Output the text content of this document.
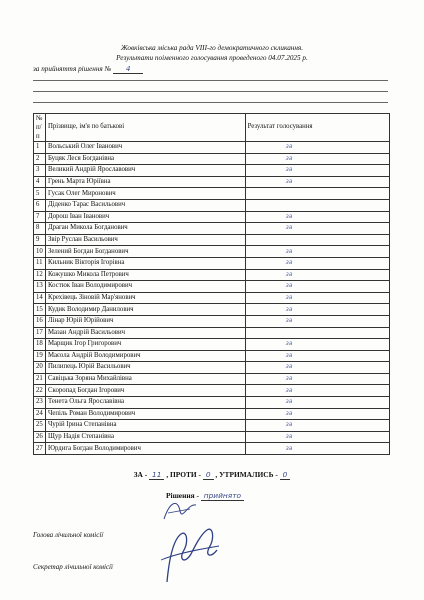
Жовківська міська рада VIII-го демократичного скликання.
Результати поіменного голосування проведеного 04.07.2025 р.
за прийняття рішення № 4
№
п/п	Прізвище, ім'я по батькові	Результат голосування
1	Вольський Олег Іванович	за
2	Буцяк Леся Богданівна	за
3	Великий Андрій Ярославович	за
4	Грень Марта Юріївна	за
5	Гусак Олег Миронович	
6	Діденко Тарас Васильович	
7	Дорош Іван Іванович	за
8	Драган Микола Богданович	за
9	Звір Руслан Васильович	
10	Зелений Богдан Богданович	за
11	Кильник Вікторія Ігорівна	за
12	Кожушко Микола Петрович	за
13	Костюк Іван Володимирович	за
14	Крехівець Зіновій Мар'янович	за
15	Кудик Володимир Данилович	за
16	Лінар Юрій Юрійович	за
17	Мазан Андрій Васильович	
18	Марщик Ігор Григорович	за
19	Маєола Андрій Володимирович	за
20	Пилипець Юрій Васильович	за
21	Савіцька Зоряна Михайлівна	за
22	Скоропад Богдан Ігорович	за
23	Тенета Ольга Ярославівна	за
24	Чепіль Роман Володимирович	за
25	Чурій Ірина Степанівна	за
26	Щур Надія Степанівна	за
27	Юрдига Богдан Володимирович	за
ЗА - 11 , ПРОТИ - 0 , УТРИМАЛИСЬ - 0
Рішення - прийнято
Голова лічильної комісії
Секретар лічильної комісії
